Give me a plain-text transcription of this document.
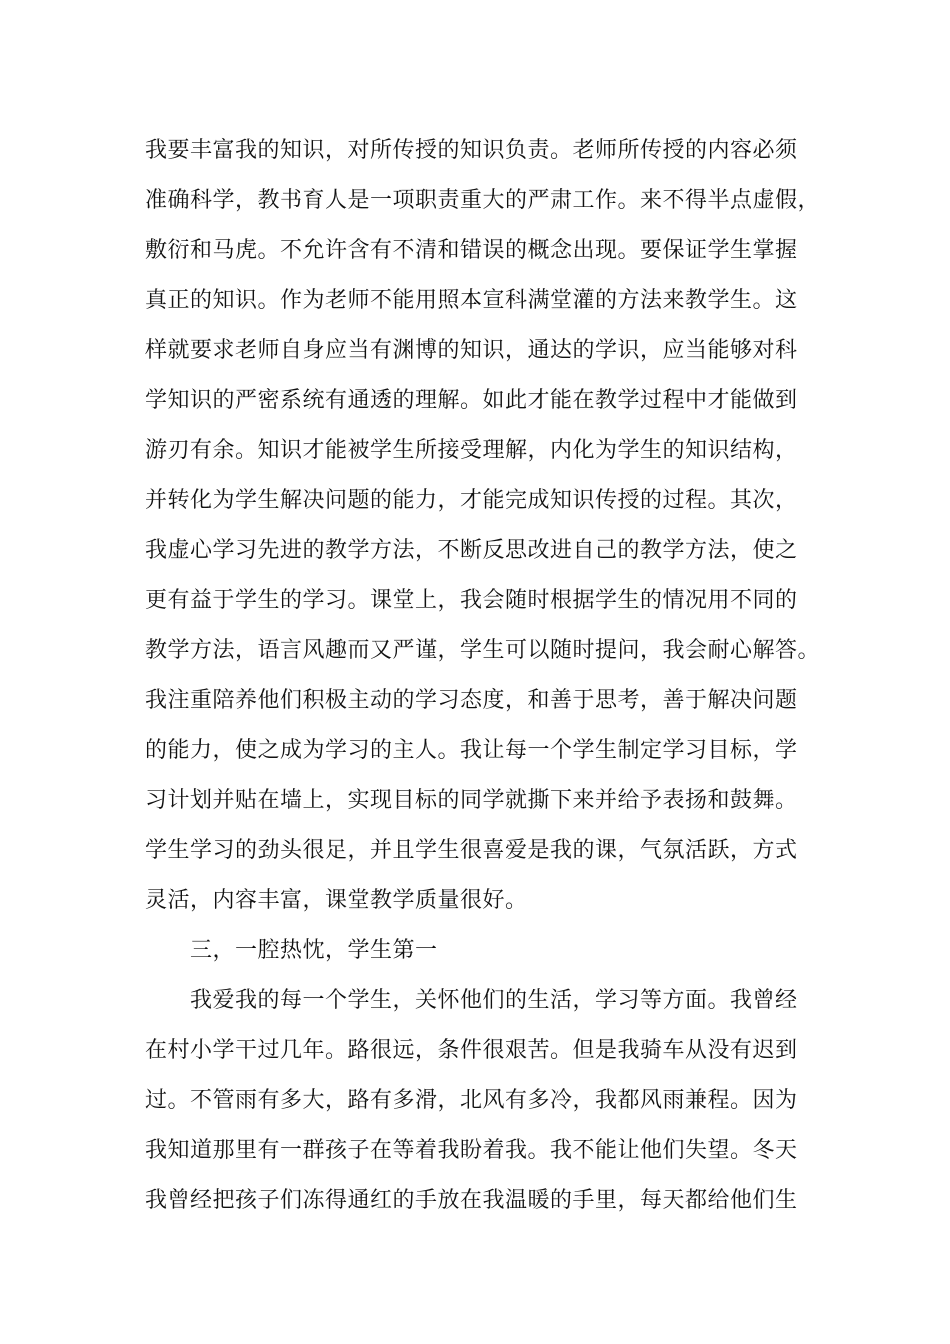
我要丰富我的知识，对所传授的知识负责。老师所传授的内容必须
准确科学，教书育人是一项职责重大的严肃工作。来不得半点虚假，
敷衍和马虎。不允许含有不清和错误的概念出现。要保证学生掌握
真正的知识。作为老师不能用照本宣科满堂灌的方法来教学生。这
样就要求老师自身应当有渊博的知识，通达的学识，应当能够对科
学知识的严密系统有通透的理解。如此才能在教学过程中才能做到
游刃有余。知识才能被学生所接受理解，内化为学生的知识结构，
并转化为学生解决问题的能力，才能完成知识传授的过程。其次，
我虚心学习先进的教学方法，不断反思改进自己的教学方法，使之
更有益于学生的学习。课堂上，我会随时根据学生的情况用不同的
教学方法，语言风趣而又严谨，学生可以随时提问，我会耐心解答。
我注重陪养他们积极主动的学习态度，和善于思考，善于解决问题
的能力，使之成为学习的主人。我让每一个学生制定学习目标，学
习计划并贴在墙上，实现目标的同学就撕下来并给予表扬和鼓舞。
学生学习的劲头很足，并且学生很喜爱是我的课，气氛活跃，方式
灵活，内容丰富，课堂教学质量很好。
三，一腔热忱，学生第一
我爱我的每一个学生，关怀他们的生活，学习等方面。我曾经
在村小学干过几年。路很远，条件很艰苦。但是我骑车从没有迟到
过。不管雨有多大，路有多滑，北风有多冷，我都风雨兼程。因为
我知道那里有一群孩子在等着我盼着我。我不能让他们失望。冬天
我曾经把孩子们冻得通红的手放在我温暖的手里，每天都给他们生
